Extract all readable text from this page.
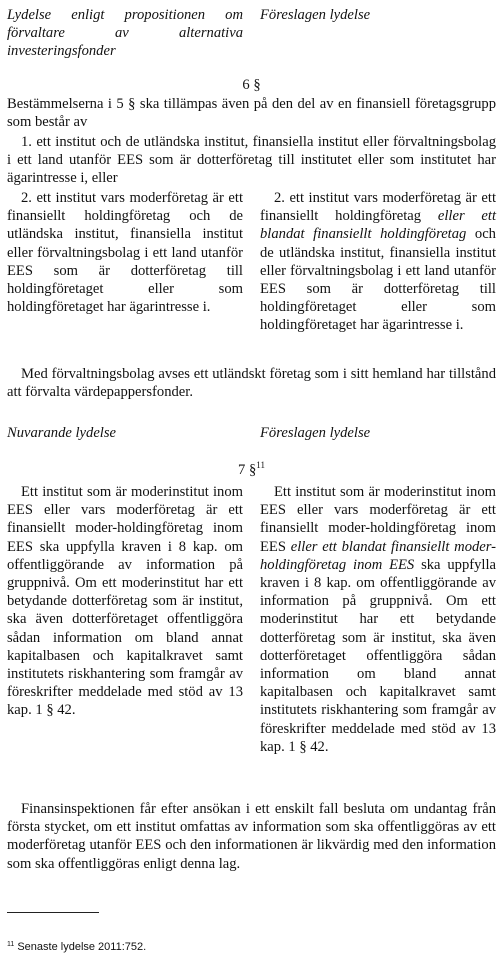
Lydelse enligt propositionen om förvaltare av alternativa investeringsfonder
Föreslagen lydelse
6 §

Bestämmelserna i 5 § ska tillämpas även på den del av en finansiell företagsgrupp som består av

1. ett institut och de utländska institut, finansiella institut eller förvaltningsbolag i ett land utanför EES som är dotterföretag till institutet eller som institutet har ägarintresse i, eller

2. ett institut vars moderföretag är ett finansiellt holdingföretag och de utländska institut, finansiella institut eller förvaltningsbolag i ett land utanför EES som är dotterföretag till holdingföretaget eller som holdingföretaget har ägarintresse i.

2. ett institut vars moderföretag är ett finansiellt holdingföretag eller ett blandat finansiellt holdingföretag och de utländska institut, finansiella institut eller förvaltningsbolag i ett land utanför EES som är dotterföretag till holdingföretaget eller som holdingföretaget har ägarintresse i.

Med förvaltningsbolag avses ett utländskt företag som i sitt hemland har tillstånd att förvalta värdepappersfonder.

Nuvarande lydelse	Föreslagen lydelse
7 §$^{11}$

Ett institut som är moderinstitut inom EES eller vars moderföretag är ett finansiellt moder-holdingföretag inom EES ska uppfylla kraven i 8 kap. om offentliggörande av information på gruppnivå. Om ett moderinstitut har ett betydande dotterföretag som är institut, ska även dotterföretaget offentliggöra sådan information om bland annat kapitalbasen och kapitalkravet samt institutets riskhantering som framgår av föreskrifter meddelade med stöd av 13 kap. 1 § 42.

Ett institut som är moderinstitut inom EES eller vars moderföretag är ett finansiellt moder-holdingföretag inom EES eller ett blandat finansiellt moder-holdingföretag inom EES ska uppfylla kraven i 8 kap. om offentliggörande av information på gruppnivå. Om ett moderinstitut har ett betydande dotterföretag som är institut, ska även dotterföretaget offentliggöra sådan information om bland annat kapitalbasen och kapitalkravet samt institutets riskhantering som framgår av föreskrifter meddelade med stöd av 13 kap. 1 § 42.

Finansinspektionen får efter ansökan i ett enskilt fall besluta om undantag från första stycket, om ett institut omfattas av information som ska offentliggöras av ett moderföretag utanför EES och den informationen är likvärdig med den information som ska offentliggöras enligt denna lag.

$^{11}$ Senaste lydelse 2011:752.
